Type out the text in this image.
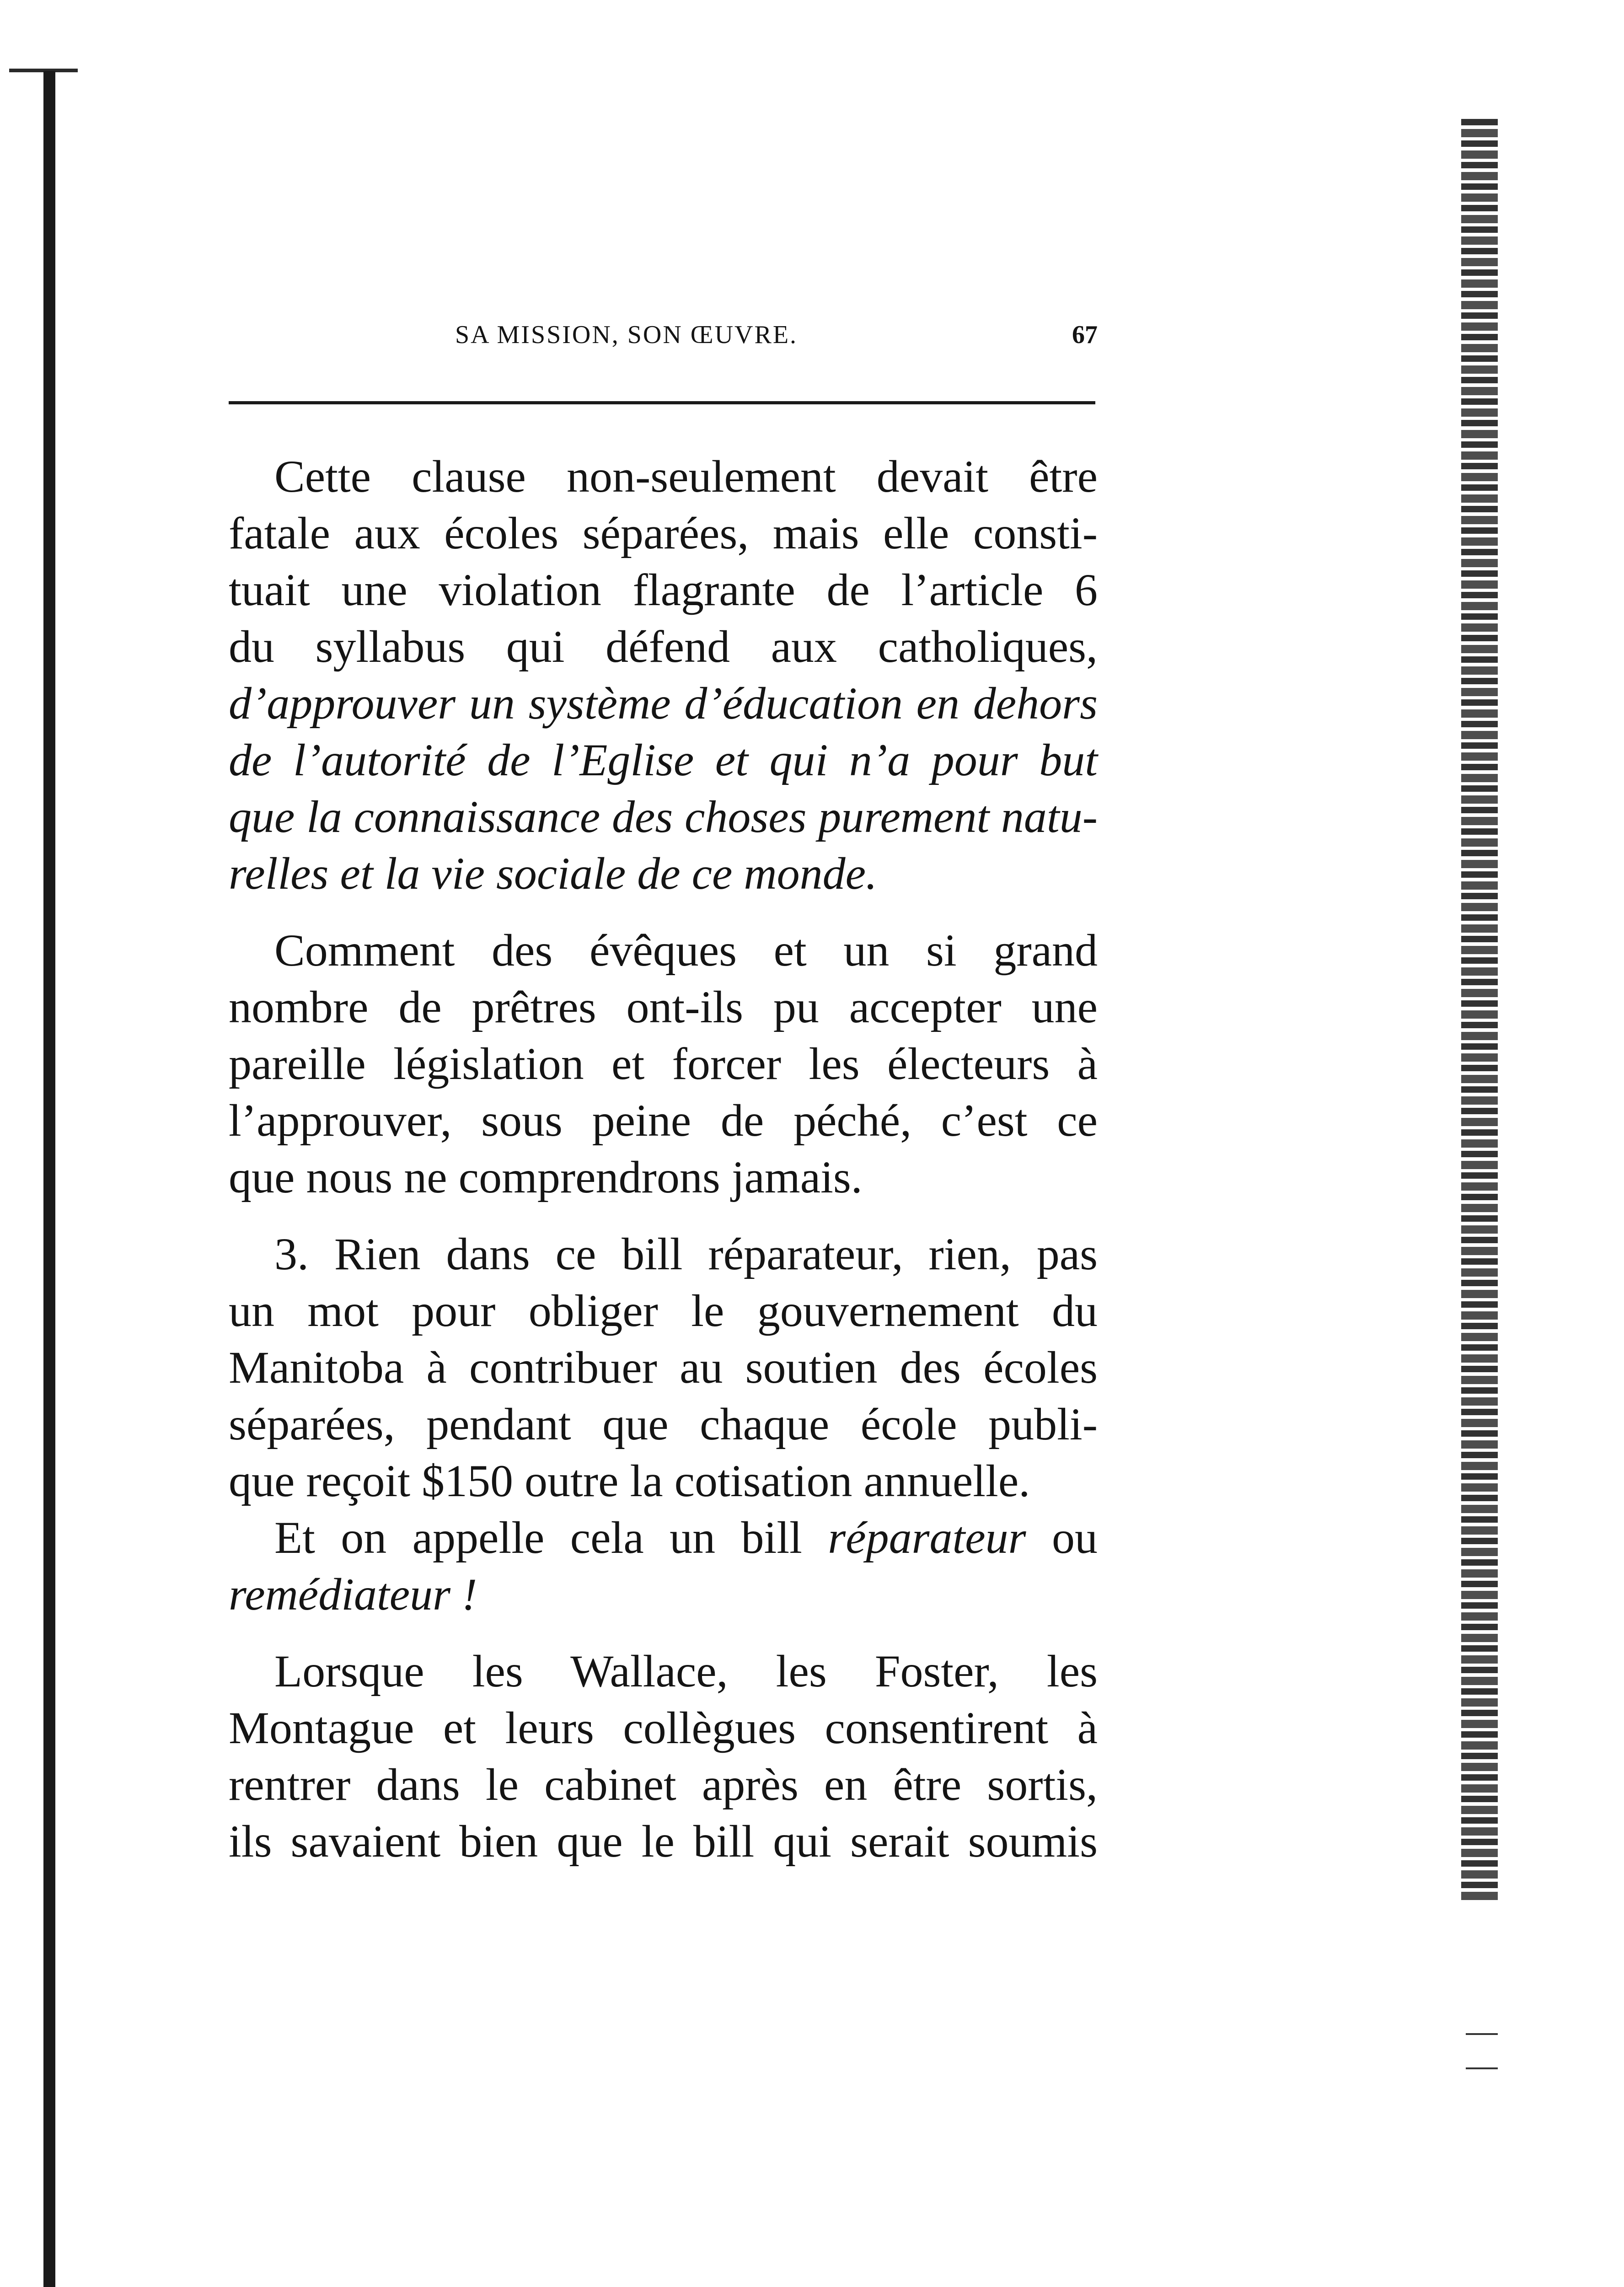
SA MISSION, SON ŒUVRE.	67
Cette clause non-seulement devait être
fatale aux écoles séparées, mais elle consti-
tuait une violation flagrante de l’article 6
du syllabus qui défend aux catholiques,
d’approuver un système d’éducation en dehors
de l’autorité de l’Eglise et qui n’a pour but
que la connaissance des choses purement natu-
relles et la vie sociale de ce monde.
Comment des évêques et un si grand
nombre de prêtres ont-ils pu accepter une
pareille législation et forcer les électeurs à
l’approuver, sous peine de péché, c’est ce
que nous ne comprendrons jamais.
3. Rien dans ce bill réparateur, rien, pas
un mot pour obliger le gouvernement du
Manitoba à contribuer au soutien des écoles
séparées, pendant que chaque école publi-
que reçoit $150 outre la cotisation annuelle.
Et on appelle cela un bill réparateur ou
remédiateur !
Lorsque les Wallace, les Foster, les
Montague et leurs collègues consentirent à
rentrer dans le cabinet après en être sortis,
ils savaient bien que le bill qui serait soumis
